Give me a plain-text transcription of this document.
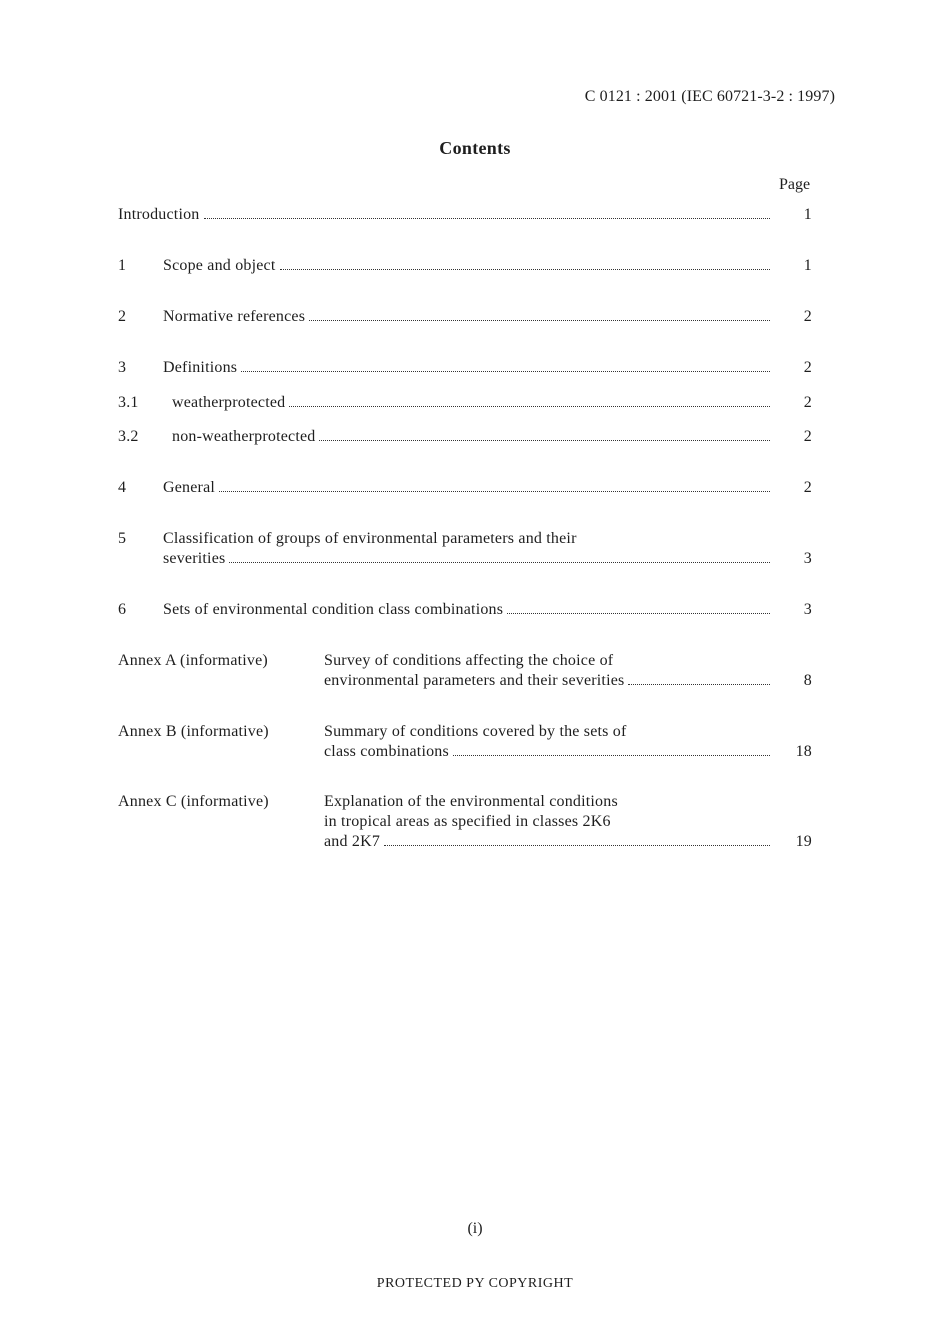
C 0121 : 2001 (IEC 60721-3-2 : 1997)
Contents
Page
Introduction	1
1 Scope and object	1
2 Normative references	2
3 Definitions	2
3.1 weatherprotected	2
3.2 non-weatherprotected	2
4 General	2
5 Classification of groups of environmental parameters and their
severities	3
6 Sets of environmental condition class combinations	3
Annex A (informative)	Survey of conditions affecting the choice of
environmental parameters and their severities	8
Annex B (informative)	Summary of conditions covered by the sets of
class combinations	18
Annex C (informative)	Explanation of the environmental conditions
in tropical areas as specified in classes 2K6
and 2K7	19
(i)
PROTECTED PY COPYRIGHT
